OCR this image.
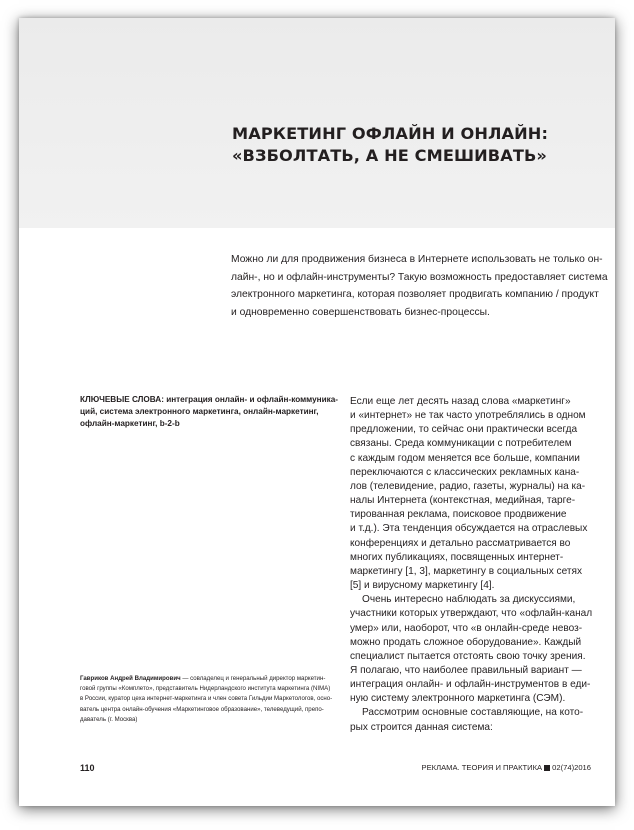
МАРКЕТИНГ ОФЛАЙН И ОНЛАЙН:
«ВЗБОЛТАТЬ, А НЕ СМЕШИВАТЬ»
Можно ли для продвижения бизнеса в Интернете использовать не только он-
лайн-, но и офлайн-инструменты? Такую возможность предоставляет система
электронного маркетинга, которая позволяет продвигать компанию / продукт
и одновременно совершенствовать бизнес-процессы.
КЛЮЧЕВЫЕ СЛОВА: интеграция онлайн- и офлайн-коммуника-
ций, система электронного маркетинга, онлайн-маркетинг,
офлайн-маркетинг, b-2-b
Гавриков Андрей Владимирович — совладелец и генеральный директор маркетин-
говой группы «Комплето», представитель Нидерландского института маркетинга (NIMA)
в России, куратор цеха интернет-маркетинга и член совета Гильдии Маркетологов, осно-
ватель центра онлайн-обучения «Маркетинговое образование», телеведущий, препо-
даватель (г. Москва)
Если еще лет десять назад слова «маркетинг»
и «интернет» не так часто употреблялись в одном
предложении, то сейчас они практически всегда
связаны. Среда коммуникации с потребителем
с каждым годом меняется все больше, компании
переключаются с классических рекламных кана-
лов (телевидение, радио, газеты, журналы) на ка-
налы Интернета (контекстная, медийная, тарге-
тированная реклама, поисковое продвижение
и т.д.). Эта тенденция обсуждается на отраслевых
конференциях и детально рассматривается во
многих публикациях, посвященных интернет-
маркетингу [1, 3], маркетингу в социальных сетях
[5] и вирусному маркетингу [4].
Очень интересно наблюдать за дискуссиями,
участники которых утверждают, что «офлайн-канал
умер» или, наоборот, что «в онлайн-среде невоз-
можно продать сложное оборудование». Каждый
специалист пытается отстоять свою точку зрения.
Я полагаю, что наиболее правильный вариант —
интеграция онлайн- и офлайн-инструментов в еди-
ную систему электронного маркетинга (СЭМ).
Рассмотрим основные составляющие, на кото-
рых строится данная система:
110	РЕКЛАМА. ТЕОРИЯ И ПРАКТИКА 02(74)2016
